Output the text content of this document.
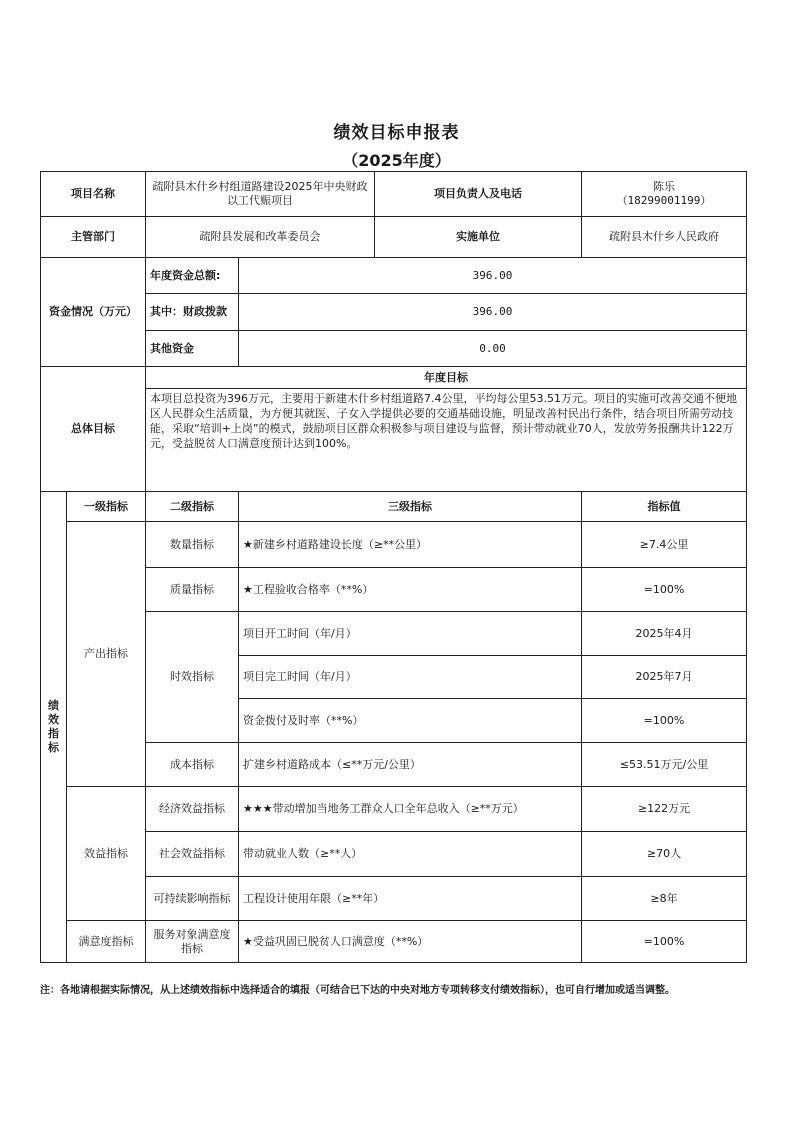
绩效目标申报表
（2025年度）
项目名称		疏附县木什乡村组道路建设2025年中央财政以工代赈项目		项目负责人及电话	陈乐
（18299001199）

主管部门		疏附县发展和改革委员会		实施单位	疏附县木什乡人民政府
资金情况（万元）		年度资金总额:	396.00		
		其中：财政拨款	396.00		
		其他资金	0.00		
总体目标		年度目标			
		本项目总投资为396万元，主要用于新建木什乡村组道路7.4公里，平均每公里53.51万元。项目的实施可改善交通不便地区人民群众生活质量，为方便其就医、子女入学提供必要的交通基础设施，明显改善村民出行条件，结合项目所需劳动技能，采取“培训+上岗”的模式，鼓励项目区群众积极参与项目建设与监督，预计带动就业70人，发放劳务报酬共计122万元，受益脱贫人口满意度预计达到100%。			
绩效指标	一级指标	二级指标	三级指标		指标值
	产出指标	数量指标	★新建乡村道路建设长度（≥**公里）		≥7.4公里
		质量指标	★工程验收合格率（**%）		=100%
		时效指标	项目开工时间（年/月）		2025年4月
			项目完工时间（年/月）		2025年7月
			资金拨付及时率（**%）		=100%
		成本指标	扩建乡村道路成本（≤**万元/公里）		≤53.51万元/公里
	效益指标	经济效益指标	★★★带动增加当地务工群众人口全年总收入（≥**万元）		≥122万元
		社会效益指标	带动就业人数（≥**人）		≥70人
		可持续影响指标	工程设计使用年限（≥**年）		≥8年
	满意度指标	服务对象满意度指标	★受益巩固已脱贫人口满意度（**%）		=100%
注：各地请根据实际情况，从上述绩效指标中选择适合的填报（可结合已下达的中央对地方专项转移支付绩效指标），也可自行增加或适当调整。
